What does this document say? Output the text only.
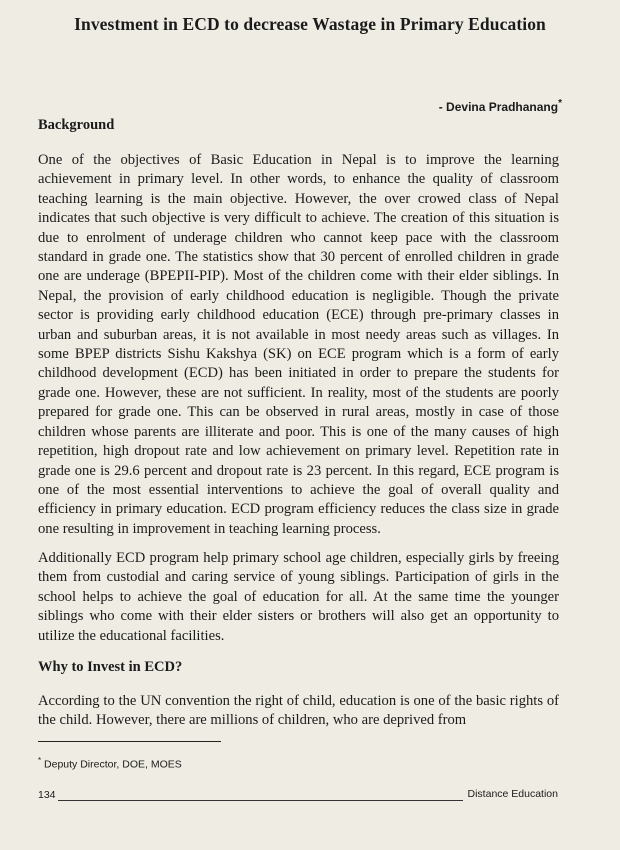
Investment in ECD to decrease Wastage in Primary Education
- Devina Pradhanang*
Background

One of the objectives of Basic Education in Nepal is to improve the learning achievement in primary level. In other words, to enhance the quality of classroom teaching learning is the main objective. However, the over crowed class of Nepal indicates that such objective is very difficult to achieve. The creation of this situation is due to enrolment of underage children who cannot keep pace with the classroom standard in grade one. The statistics show that 30 percent of enrolled children in grade one are underage (BPEPII-PIP). Most of the children come with their elder siblings. In Nepal, the provision of early childhood education is negligible. Though the private sector is providing early childhood education (ECE) through pre-primary classes in urban and suburban areas, it is not available in most needy areas such as villages. In some BPEP districts Sishu Kakshya (SK) on ECE program which is a form of early childhood development (ECD) has been initiated in order to prepare the students for grade one. However, these are not sufficient. In reality, most of the students are poorly prepared for grade one. This can be observed in rural areas, mostly in case of those children whose parents are illiterate and poor. This is one of the many causes of high repetition, high dropout rate and low achievement on primary level. Repetition rate in grade one is 29.6 percent and dropout rate is 23 percent. In this regard, ECE program is one of the most essential interventions to achieve the goal of overall quality and efficiency in primary education. ECD program efficiency reduces the class size in grade one resulting in improvement in teaching learning process.

Additionally ECD program help primary school age children, especially girls by freeing them from custodial and caring service of young siblings. Participation of girls in the school helps to achieve the goal of education for all. At the same time the younger siblings who come with their elder sisters or brothers will also get an opportunity to utilize the educational facilities.

Why to Invest in ECD?

According to the UN convention the right of child, education is one of the basic rights of the child. However, there are millions of children, who are deprived from

* Deputy Director, DOE, MOES
134	Distance Education
